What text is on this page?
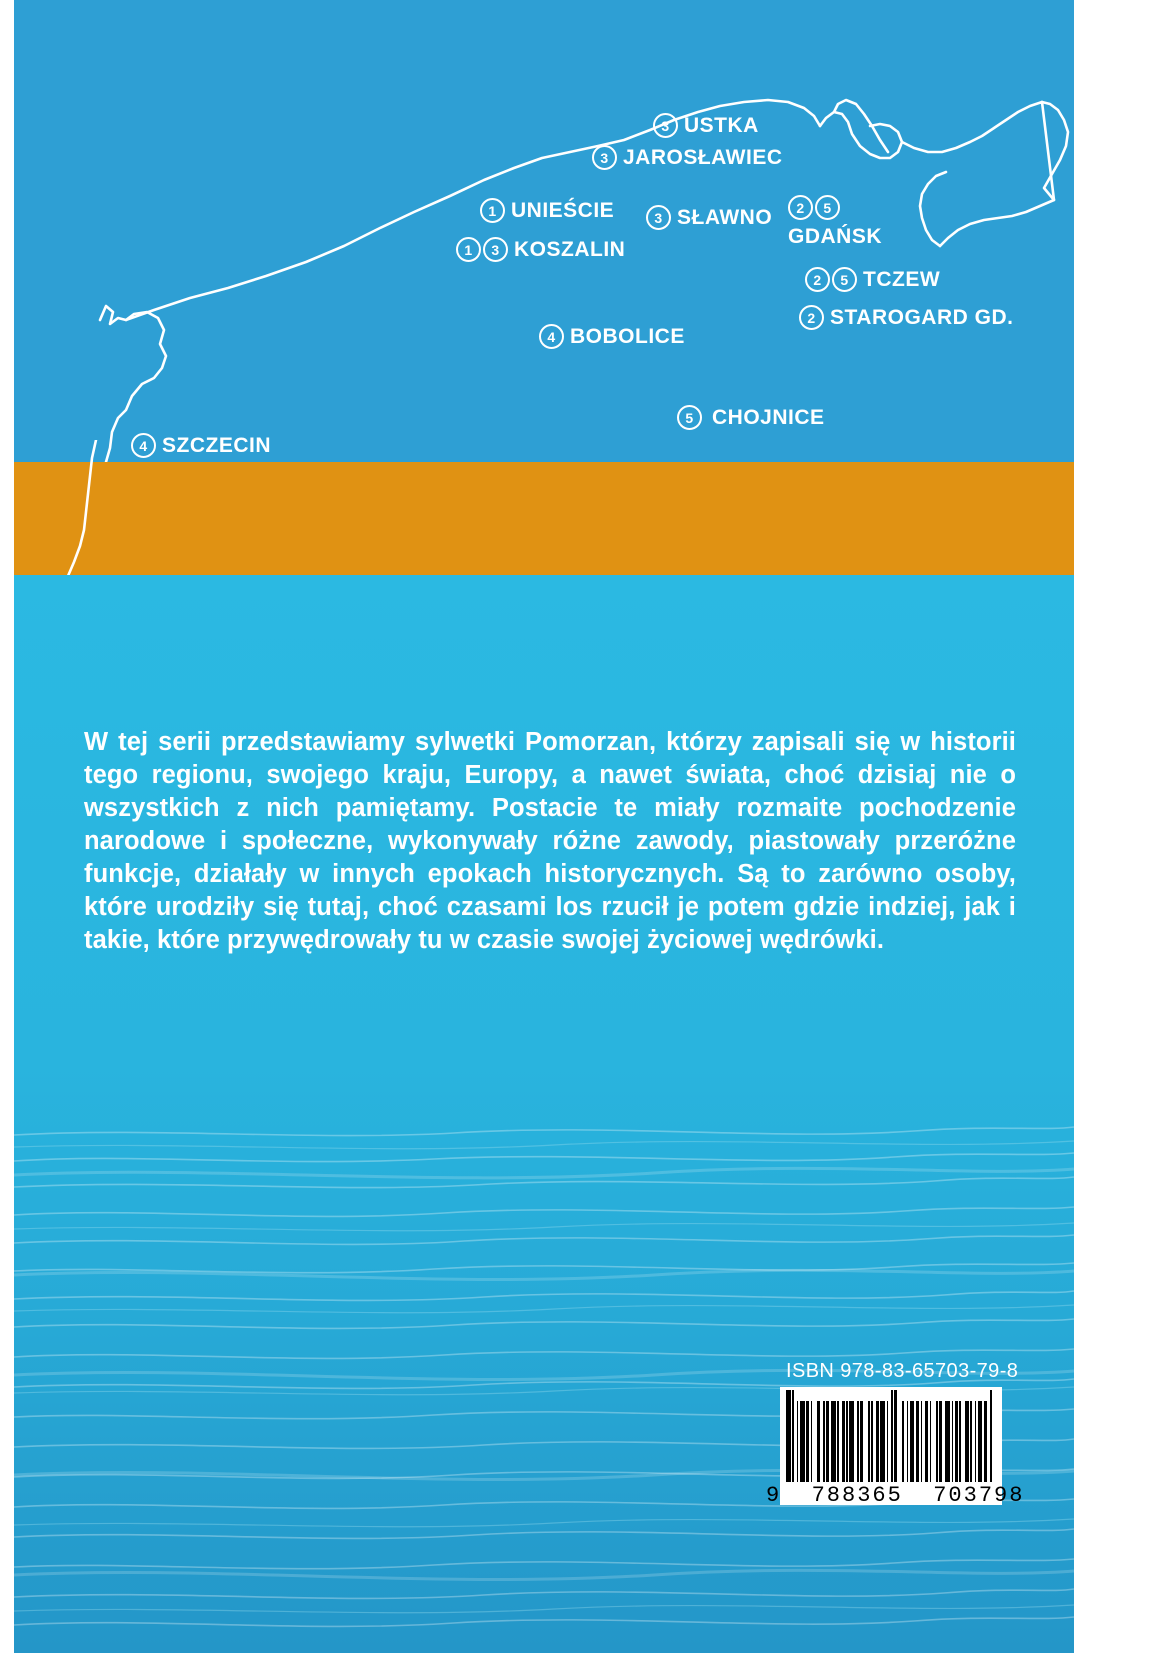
3 USTKA
3 JAROSŁAWIEC
1 UNIEŚCIE	3 SŁAWNO	2	5
GDAŃSK
1	3 KOSZALIN
2	5 TCZEW
2 STAROGARD GD.
4 BOBOLICE
5 CHOJNICE
4 SZCZECIN

W tej serii przedstawiamy sylwetki Pomorzan, którzy zapisali się w historii tego regionu, swojego kraju, Europy, a nawet świata, choć dzisiaj nie o wszystkich z nich pamiętamy. Postacie te miały rozmaite pochodzenie narodowe i społeczne, wykonywały różne zawody, piastowały przeróżne funkcje, działały w innych epokach historycznych. Są to zarówno osoby, które urodziły się tutaj, choć czasami los rzucił je potem gdzie indziej, jak i takie, które przywędrowały tu w czasie swojej życiowej wędrówki.

ISBN 978-83-65703-79-8
9  788365  703798
